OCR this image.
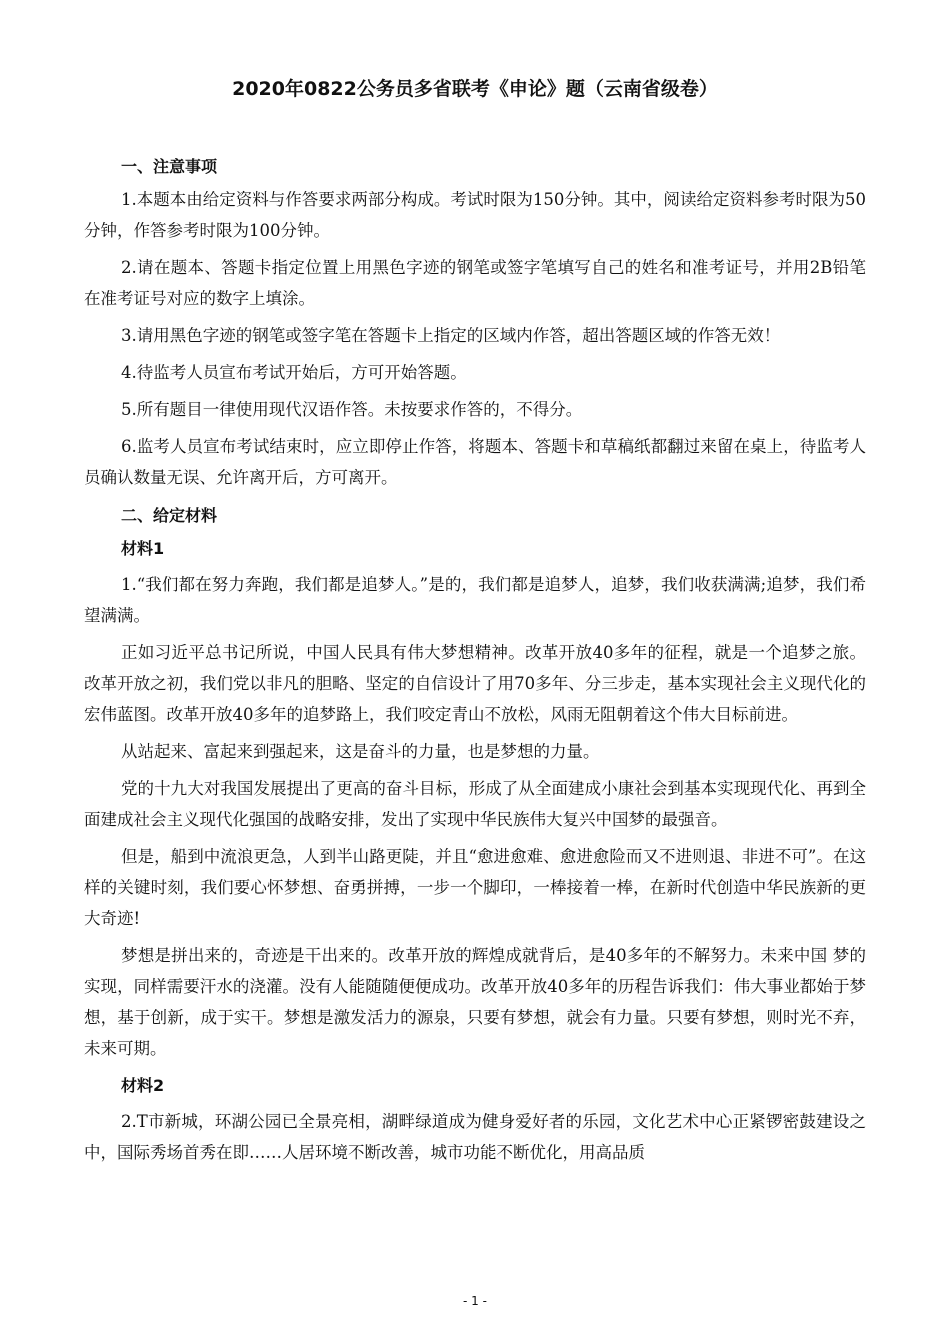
2020年0822公务员多省联考《申论》题（云南省级卷）
一、注意事项

1.本题本由给定资料与作答要求两部分构成。考试时限为150分钟。其中，阅读给定资料参考时限为50分钟，作答参考时限为100分钟。

2.请在题本、答题卡指定位置上用黑色字迹的钢笔或签字笔填写自己的姓名和准考证号，并用2B铅笔在准考证号对应的数字上填涂。

3.请用黑色字迹的钢笔或签字笔在答题卡上指定的区域内作答，超出答题区域的作答无效！

4.待监考人员宣布考试开始后，方可开始答题。

5.所有题目一律使用现代汉语作答。未按要求作答的，不得分。

6.监考人员宣布考试结束时，应立即停止作答，将题本、答题卡和草稿纸都翻过来留在桌上，待监考人员确认数量无误、允许离开后，方可离开。

二、给定材料
材料1

1.“我们都在努力奔跑，我们都是追梦人。”是的，我们都是追梦人，追梦，我们收获满满;追梦，我们希望满满。

正如习近平总书记所说，中国人民具有伟大梦想精神。改革开放40多年的征程，就是一个追梦之旅。改革开放之初，我们党以非凡的胆略、坚定的自信设计了用70多年、分三步走，基本实现社会主义现代化的宏伟蓝图。改革开放40多年的追梦路上，我们咬定青山不放松，风雨无阻朝着这个伟大目标前进。

从站起来、富起来到强起来，这是奋斗的力量，也是梦想的力量。

党的十九大对我国发展提出了更高的奋斗目标，形成了从全面建成小康社会到基本实现现代化、再到全面建成社会主义现代化强国的战略安排，发出了实现中华民族伟大复兴中国梦的最强音。

但是，船到中流浪更急，人到半山路更陡，并且“愈进愈难、愈进愈险而又不进则退、非进不可”。在这样的关键时刻，我们要心怀梦想、奋勇拼搏，一步一个脚印，一棒接着一棒，在新时代创造中华民族新的更大奇迹!

梦想是拼出来的，奇迹是干出来的。改革开放的辉煌成就背后，是40多年的不解努力。未来中国 梦的实现，同样需要汗水的浇灌。没有人能随随便便成功。改革开放40多年的历程告诉我们：伟大事业都始于梦想，基于创新，成于实干。梦想是激发活力的源泉，只要有梦想，就会有力量。只要有梦想，则时光不弃，未来可期。

材料2

2.T市新城，环湖公园已全景亮相，湖畔绿道成为健身爱好者的乐园，文化艺术中心正紧锣密鼓建设之中，国际秀场首秀在即……人居环境不断改善，城市功能不断优化，用高品质

- 1 -
